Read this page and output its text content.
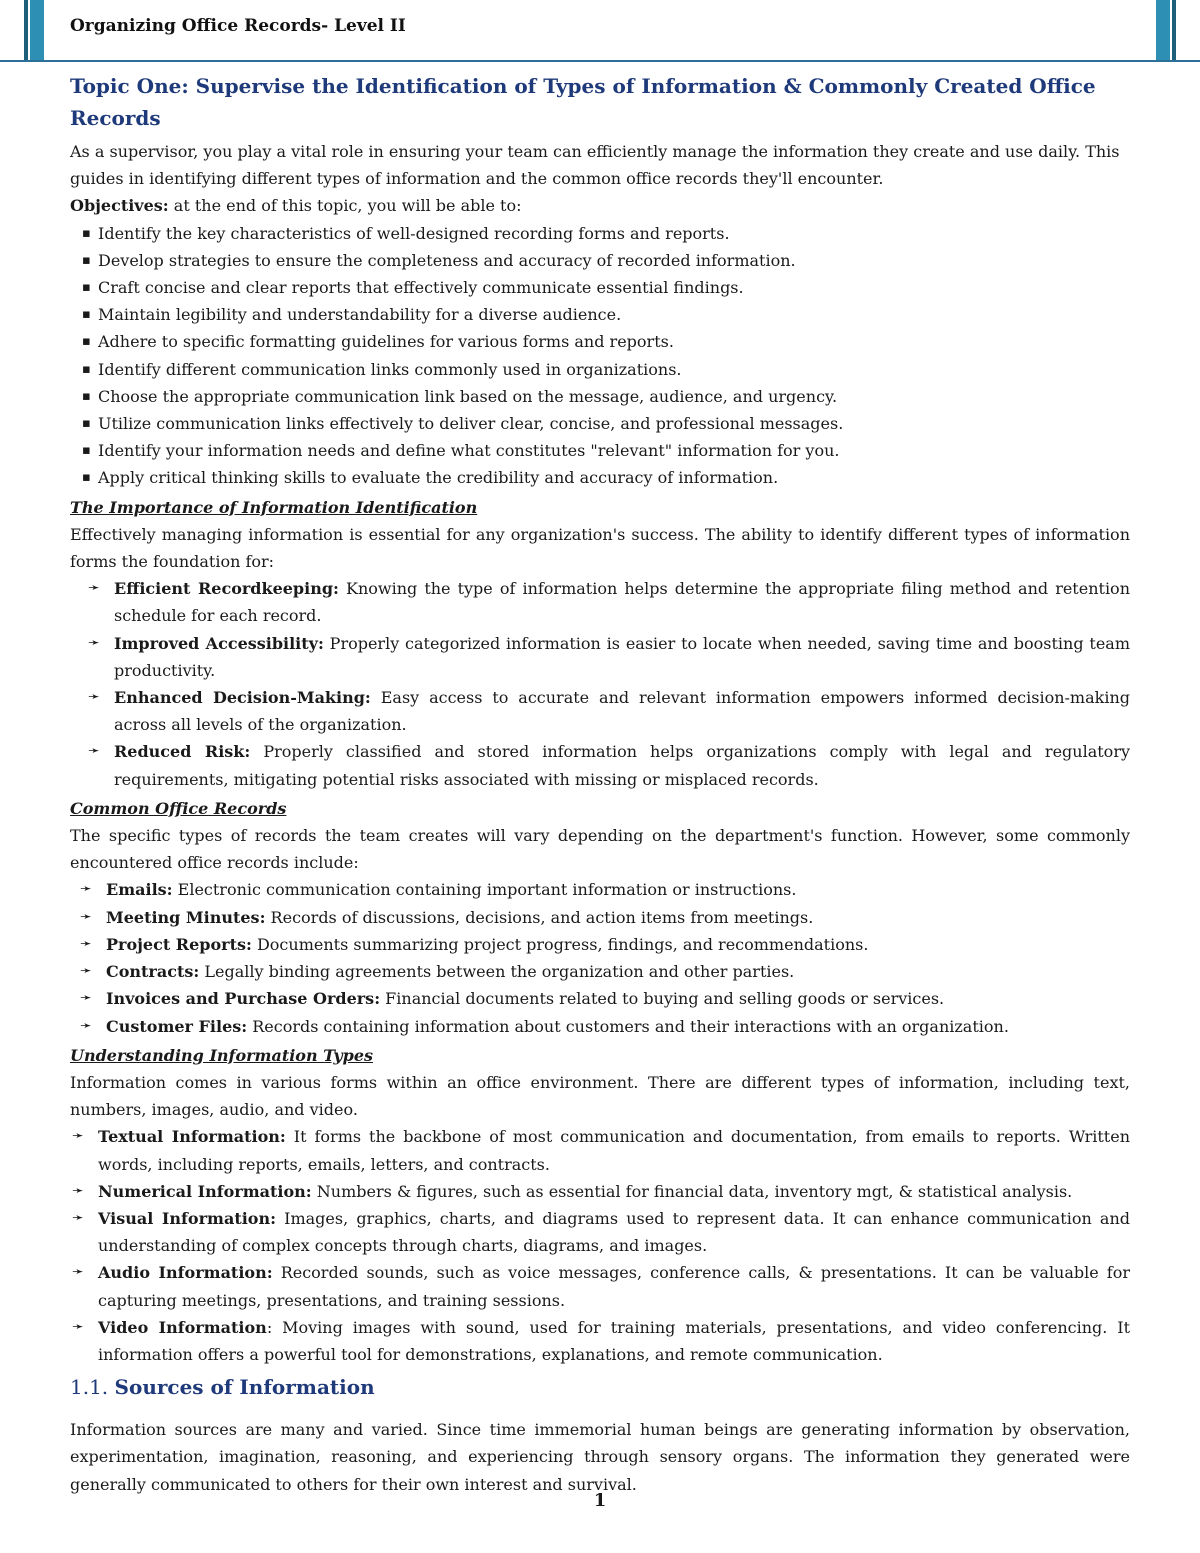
Organizing Office Records- Level II
Topic One: Supervise the Identification of Types of Information & Commonly Created Office Records

As a supervisor, you play a vital role in ensuring your team can efficiently manage the information they create and use daily. This guides in identifying different types of information and the common office records they'll encounter.

Objectives: at the end of this topic, you will be able to:

▪ Identify the key characteristics of well-designed recording forms and reports.
▪ Develop strategies to ensure the completeness and accuracy of recorded information.
▪ Craft concise and clear reports that effectively communicate essential findings.
▪ Maintain legibility and understandability for a diverse audience.
▪ Adhere to specific formatting guidelines for various forms and reports.
▪ Identify different communication links commonly used in organizations.
▪ Choose the appropriate communication link based on the message, audience, and urgency.
▪ Utilize communication links effectively to deliver clear, concise, and professional messages.
▪ Identify your information needs and define what constitutes "relevant" information for you.
▪ Apply critical thinking skills to evaluate the credibility and accuracy of information.
The Importance of Information Identification

Effectively managing information is essential for any organization's success. The ability to identify different types of information forms the foundation for:

➛ Efficient Recordkeeping: Knowing the type of information helps determine the appropriate filing method and retention schedule for each record.
➛ Improved Accessibility: Properly categorized information is easier to locate when needed, saving time and boosting team productivity.
➛ Enhanced Decision-Making: Easy access to accurate and relevant information empowers informed decision-making across all levels of the organization.
➛ Reduced Risk: Properly classified and stored information helps organizations comply with legal and regulatory requirements, mitigating potential risks associated with missing or misplaced records.
Common Office Records

The specific types of records the team creates will vary depending on the department's function. However, some commonly encountered office records include:

➛ Emails: Electronic communication containing important information or instructions.
➛ Meeting Minutes: Records of discussions, decisions, and action items from meetings.
➛ Project Reports: Documents summarizing project progress, findings, and recommendations.
➛ Contracts: Legally binding agreements between the organization and other parties.
➛ Invoices and Purchase Orders: Financial documents related to buying and selling goods or services.
➛ Customer Files: Records containing information about customers and their interactions with an organization.
Understanding Information Types

Information comes in various forms within an office environment. There are different types of information, including text, numbers, images, audio, and video.

➛ Textual Information: It forms the backbone of most communication and documentation, from emails to reports. Written words, including reports, emails, letters, and contracts.
➛ Numerical Information: Numbers & figures, such as essential for financial data, inventory mgt, & statistical analysis.
➛ Visual Information: Images, graphics, charts, and diagrams used to represent data. It can enhance communication and understanding of complex concepts through charts, diagrams, and images.
➛ Audio Information: Recorded sounds, such as voice messages, conference calls, & presentations. It can be valuable for capturing meetings, presentations, and training sessions.
➛ Video Information: Moving images with sound, used for training materials, presentations, and video conferencing. It information offers a powerful tool for demonstrations, explanations, and remote communication.
1.1. Sources of Information

Information sources are many and varied. Since time immemorial human beings are generating information by observation, experimentation, imagination, reasoning, and experiencing through sensory organs. The information they generated were generally communicated to others for their own interest and survival.

1
